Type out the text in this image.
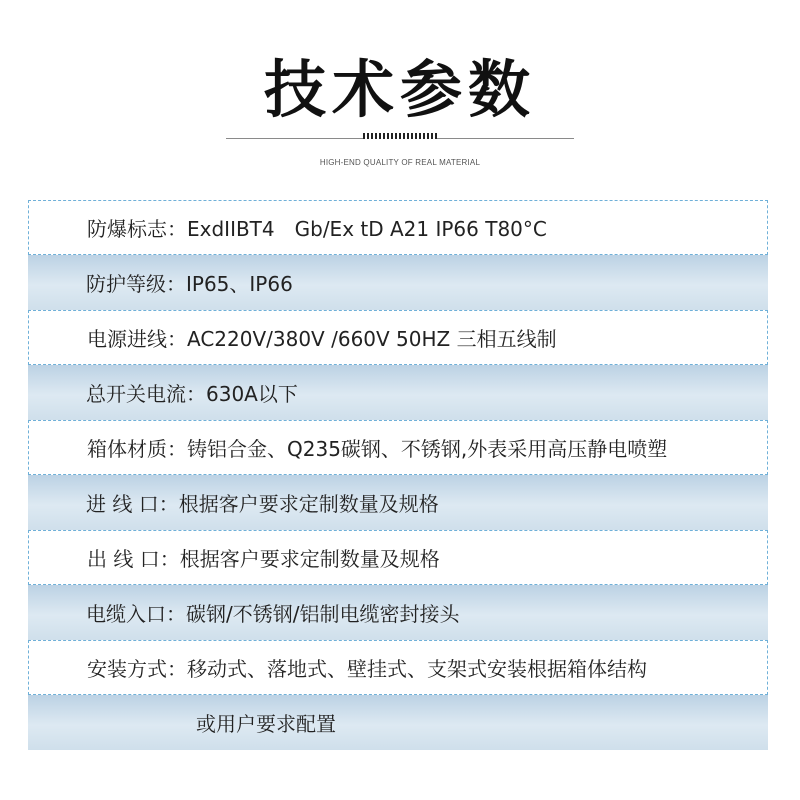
技术参数
HIGH-END QUALITY OF REAL MATERIAL
防爆标志：ExdIIBT4　Gb/Ex tD A21 IP66 T80°C
防护等级：IP65、IP66
电源进线：AC220V/380V /660V 50HZ 三相五线制
总开关电流：630A以下
箱体材质：铸铝合金、Q235碳钢、不锈钢,外表采用高压静电喷塑
进 线 口：根据客户要求定制数量及规格
出 线 口：根据客户要求定制数量及规格
电缆入口：碳钢/不锈钢/铝制电缆密封接头
安装方式：移动式、落地式、壁挂式、支架式安装根据箱体结构
或用户要求配置
